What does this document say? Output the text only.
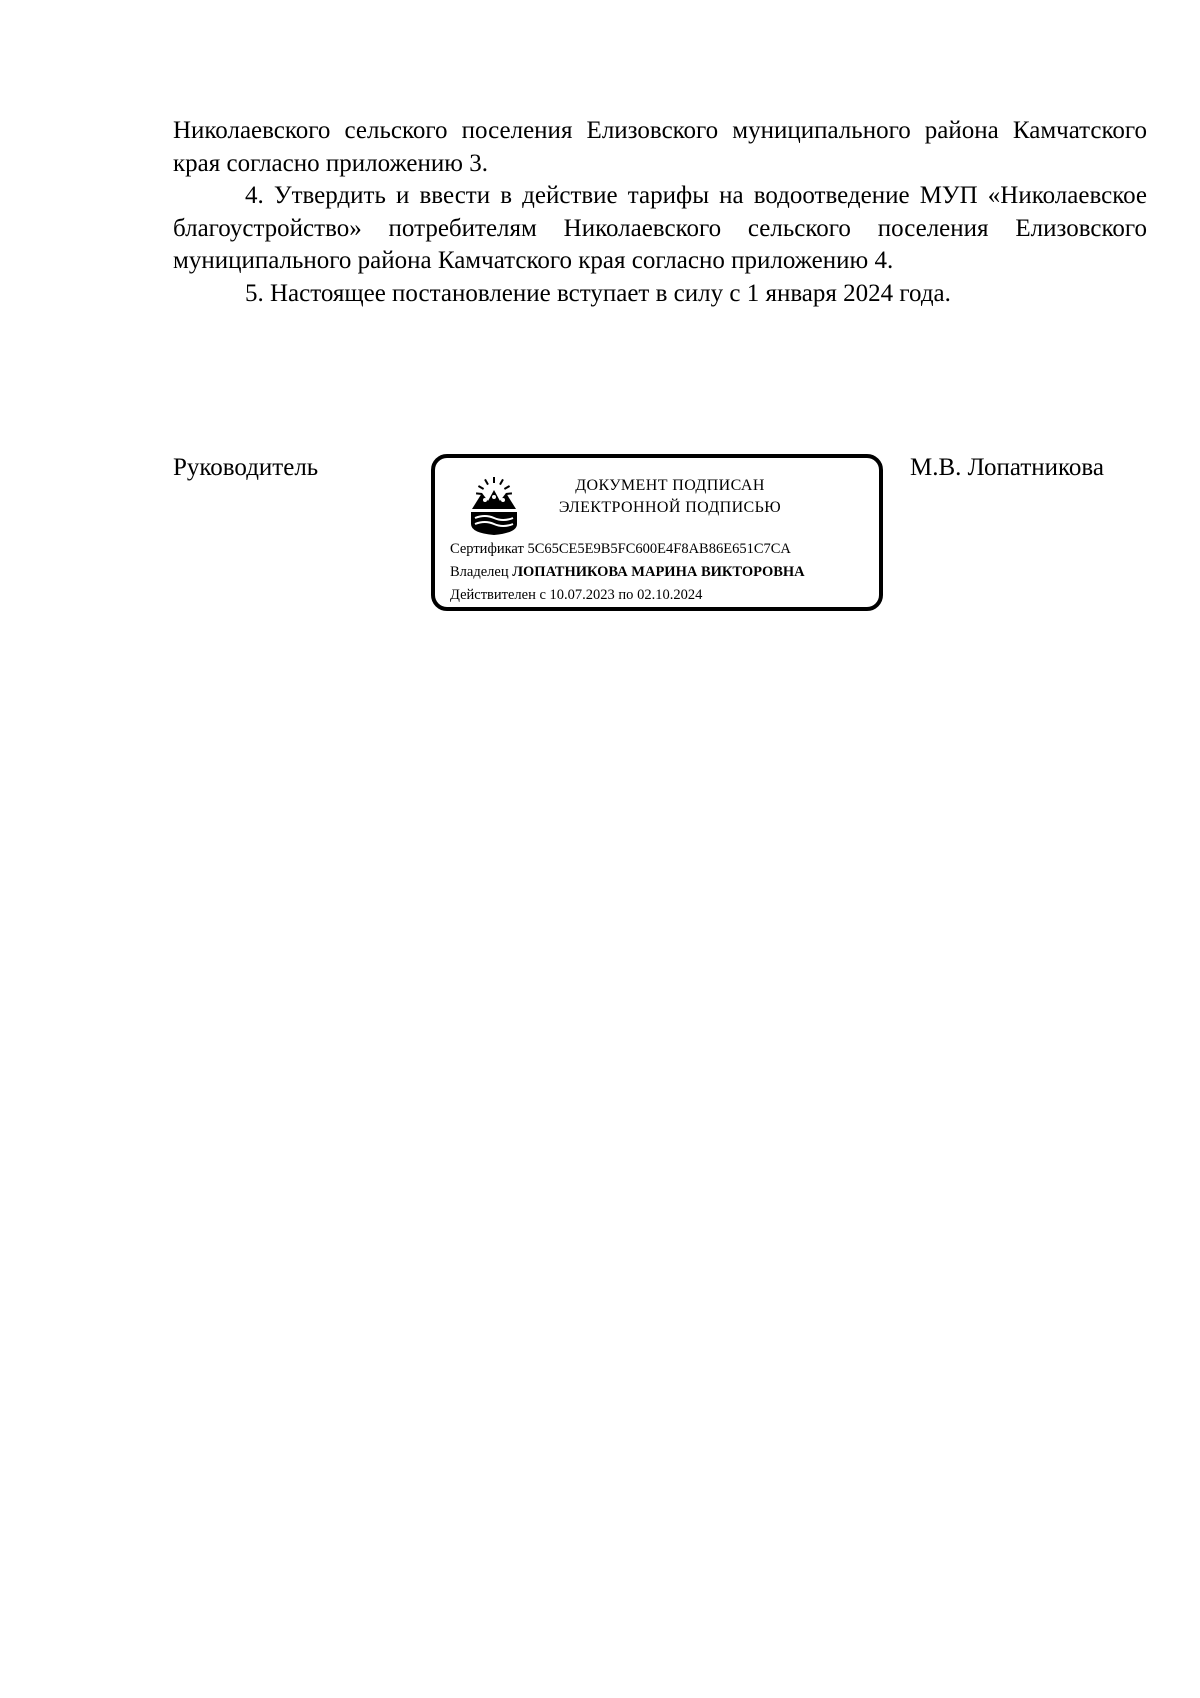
Николаевского сельского поселения Елизовского муниципального района Камчатского края согласно приложению 3.

4. Утвердить и ввести в действие тарифы на водоотведение МУП «Николаевское благоустройство» потребителям Николаевского сельского поселения Елизовского муниципального района Камчатского края согласно приложению 4.

5. Настоящее постановление вступает в силу с 1 января 2024 года.

Руководитель
ДОКУМЕНТ ПОДПИСАН
ЭЛЕКТРОННОЙ ПОДПИСЬЮ
Сертификат 5C65CE5E9B5FC600E4F8AB86E651C7CA
Владелец ЛОПАТНИКОВА МАРИНА ВИКТОРОВНА
Действителен с 10.07.2023 по 02.10.2024
М.В. Лопатникова
